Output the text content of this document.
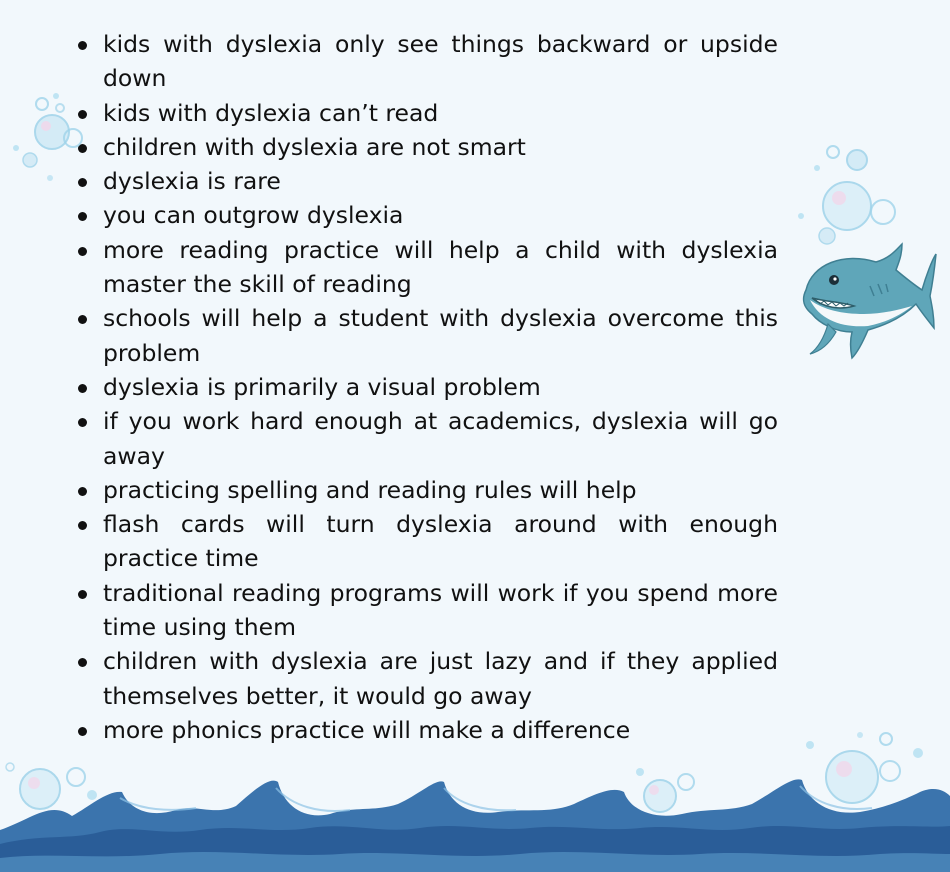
kids with dyslexia only see things backward or upside down
kids with dyslexia can’t read
children with dyslexia are not smart
dyslexia is rare
you can outgrow dyslexia
more reading practice will help a child with dyslexia master the skill of reading
schools will help a student with dyslexia overcome this problem
dyslexia is primarily a visual problem
if you work hard enough at academics, dyslexia will go away
practicing spelling and reading rules will help
flash cards will turn dyslexia around with enough practice time
traditional reading programs will work if you spend more time using them
children with dyslexia are just lazy and if they applied themselves better, it would go away
more phonics practice will make a difference
